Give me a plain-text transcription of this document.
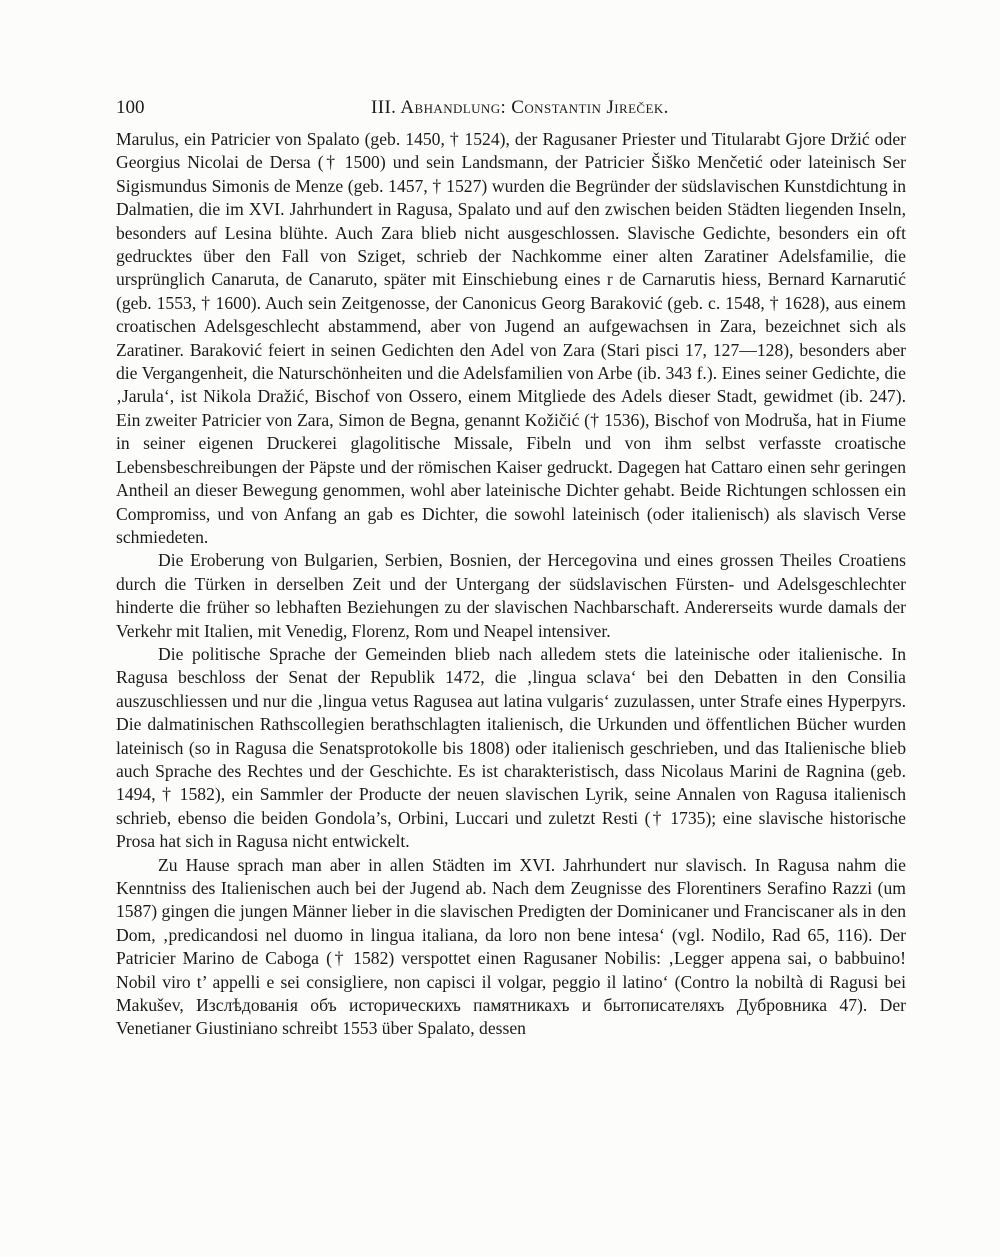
100	III. Abhandlung: Constantin Jireček.

Marulus, ein Patricier von Spalato (geb. 1450, † 1524), der Ragusaner Priester und Titularabt Gjore Držić oder Georgius Nicolai de Dersa († 1500) und sein Landsmann, der Patricier Šiško Menčetić oder lateinisch Ser Sigismundus Simonis de Menze (geb. 1457, † 1527) wurden die Begründer der südslavischen Kunstdichtung in Dalmatien, die im XVI. Jahrhundert in Ragusa, Spalato und auf den zwischen beiden Städten liegenden Inseln, besonders auf Lesina blühte. Auch Zara blieb nicht ausgeschlossen. Slavische Gedichte, besonders ein oft gedrucktes über den Fall von Sziget, schrieb der Nachkomme einer alten Zaratiner Adelsfamilie, die ursprünglich Canaruta, de Canaruto, später mit Einschiebung eines r de Carnarutis hiess, Bernard Karnarutić (geb. 1553, † 1600). Auch sein Zeitgenosse, der Canonicus Georg Baraković (geb. c. 1548, † 1628), aus einem croatischen Adelsgeschlecht abstammend, aber von Jugend an aufgewachsen in Zara, bezeichnet sich als Zaratiner. Baraković feiert in seinen Gedichten den Adel von Zara (Stari pisci 17, 127—128), besonders aber die Vergangenheit, die Naturschönheiten und die Adelsfamilien von Arbe (ib. 343 f.). Eines seiner Gedichte, die ‚Jarula‘, ist Nikola Dražić, Bischof von Ossero, einem Mitgliede des Adels dieser Stadt, gewidmet (ib. 247). Ein zweiter Patricier von Zara, Simon de Begna, genannt Kožičić († 1536), Bischof von Modruša, hat in Fiume in seiner eigenen Druckerei glagolitische Missale, Fibeln und von ihm selbst verfasste croatische Lebensbeschreibungen der Päpste und der römischen Kaiser gedruckt. Dagegen hat Cattaro einen sehr geringen Antheil an dieser Bewegung genommen, wohl aber lateinische Dichter gehabt. Beide Richtungen schlossen ein Compromiss, und von Anfang an gab es Dichter, die sowohl lateinisch (oder italienisch) als slavisch Verse schmiedeten.

Die Eroberung von Bulgarien, Serbien, Bosnien, der Hercegovina und eines grossen Theiles Croatiens durch die Türken in derselben Zeit und der Untergang der südslavischen Fürsten- und Adelsgeschlechter hinderte die früher so lebhaften Beziehungen zu der slavischen Nachbarschaft. Andererseits wurde damals der Verkehr mit Italien, mit Venedig, Florenz, Rom und Neapel intensiver.

Die politische Sprache der Gemeinden blieb nach alledem stets die lateinische oder italienische. In Ragusa beschloss der Senat der Republik 1472, die ‚lingua sclava‘ bei den Debatten in den Consilia auszuschliessen und nur die ‚lingua vetus Ragusea aut latina vulgaris‘ zuzulassen, unter Strafe eines Hyperpyrs. Die dalmatinischen Rathscollegien berathschlagten italienisch, die Urkunden und öffentlichen Bücher wurden lateinisch (so in Ragusa die Senatsprotokolle bis 1808) oder italienisch geschrieben, und das Italienische blieb auch Sprache des Rechtes und der Geschichte. Es ist charakteristisch, dass Nicolaus Marini de Ragnina (geb. 1494, † 1582), ein Sammler der Producte der neuen slavischen Lyrik, seine Annalen von Ragusa italienisch schrieb, ebenso die beiden Gondola’s, Orbini, Luccari und zuletzt Resti († 1735); eine slavische historische Prosa hat sich in Ragusa nicht entwickelt.

Zu Hause sprach man aber in allen Städten im XVI. Jahrhundert nur slavisch. In Ragusa nahm die Kenntniss des Italienischen auch bei der Jugend ab. Nach dem Zeugnisse des Florentiners Serafino Razzi (um 1587) gingen die jungen Männer lieber in die slavischen Predigten der Dominicaner und Franciscaner als in den Dom, ‚predicandosi nel duomo in lingua italiana, da loro non bene intesa‘ (vgl. Nodilo, Rad 65, 116). Der Patricier Marino de Caboga († 1582) verspottet einen Ragusaner Nobilis: ‚Legger appena sai, o babbuino! Nobil viro t’ appelli e sei consigliere, non capisci il volgar, peggio il latino‘ (Contro la nobiltà di Ragusi bei Makušev, Изслѣдованія объ историческихъ памятникахъ и бытописателяхъ Дубровника 47). Der Venetianer Giustiniano schreibt 1553 über Spalato, dessen
